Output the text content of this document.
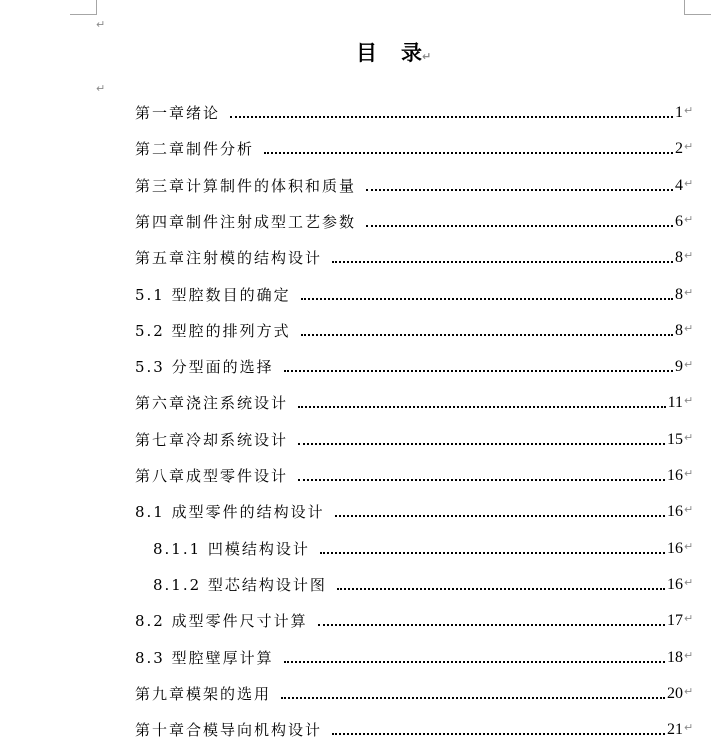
↵
目 录↵
↵
第一章绪论	1 ↵
第二章制件分析	2 ↵
第三章计算制件的体积和质量	4 ↵
第四章制件注射成型工艺参数	6 ↵
第五章注射模的结构设计	8 ↵
5.1 型腔数目的确定	8 ↵
5.2 型腔的排列方式	8 ↵
5.3 分型面的选择	9 ↵
第六章浇注系统设计	11 ↵
第七章冷却系统设计	15 ↵
第八章成型零件设计	16 ↵
8.1 成型零件的结构设计	16 ↵
8.1.1 凹模结构设计	16 ↵
8.1.2 型芯结构设计图	16 ↵
8.2 成型零件尺寸计算	17 ↵
8.3 型腔壁厚计算	18 ↵
第九章模架的选用	20 ↵
第十章合模导向机构设计	21 ↵
